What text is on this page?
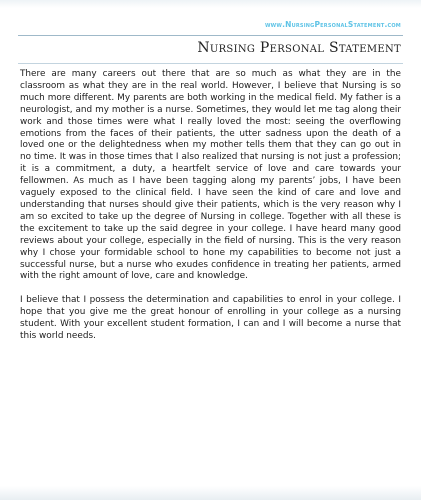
www.NursingPersonalStatement.com
Nursing Personal Statement

There are many careers out there that are so much as what they are in the classroom as what they are in the real world. However, I believe that Nursing is so much more different. My parents are both working in the medical field. My father is a neurologist, and my mother is a nurse. Sometimes, they would let me tag along their work and those times were what I really loved the most: seeing the overflowing emotions from the faces of their patients, the utter sadness upon the death of a loved one or the delightedness when my mother tells them that they can go out in no time. It was in those times that I also realized that nursing is not just a profession; it is a commitment, a duty, a heartfelt service of love and care towards your fellowmen. As much as I have been tagging along my parents’ jobs, I have been vaguely exposed to the clinical field. I have seen the kind of care and love and understanding that nurses should give their patients, which is the very reason why I am so excited to take up the degree of Nursing in college. Together with all these is the excitement to take up the said degree in your college. I have heard many good reviews about your college, especially in the field of nursing. This is the very reason why I chose your formidable school to hone my capabilities to become not just a successful nurse, but a nurse who exudes confidence in treating her patients, armed with the right amount of love, care and knowledge.

I believe that I possess the determination and capabilities to enrol in your college. I hope that you give me the great honour of enrolling in your college as a nursing student. With your excellent student formation, I can and I will become a nurse that this world needs.
